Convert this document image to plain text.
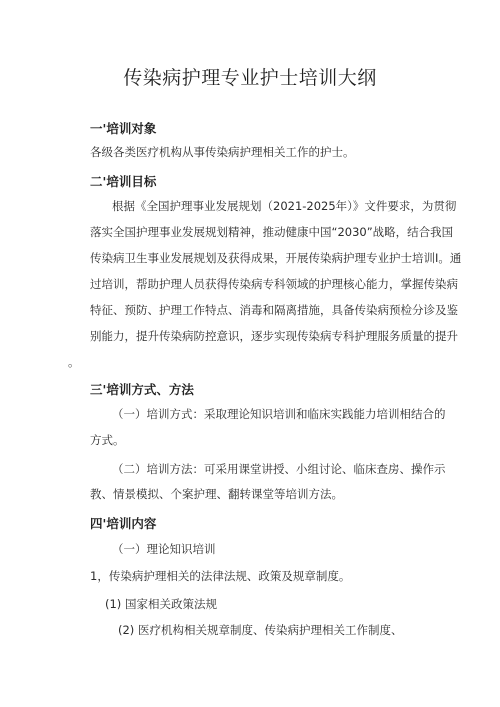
传染病护理专业护士培训大纲
一'培训对象
各级各类医疗机构从事传染病护理相关工作的护士。
二'培训目标
根据《全国护理事业发展规划（2021-2025年）》文件要求，为贯彻
落实全国护理事业发展规划精神，推动健康中国“2030”战略，结合我国
传染病卫生事业发展规划及获得成果，开展传染病护理专业护士培训I。通
过培训，帮助护理人员获得传染病专科领域的护理核心能力，掌握传染病
特征、预防、护理工作特点、消毒和隔离措施，具备传染病预检分诊及鉴
别能力，提升传染病防控意识，逐步实现传染病专科护理服务质量的提升
。
三'培训方式、方法
（一）培训方式：采取理论知识培训和临床实践能力培训相结合的
方式。
（二）培训方法：可采用课堂讲授、小组讨论、临床查房、操作示
教、情景模拟、个案护理、翻转课堂等培训方法。
四'培训内容
（一）理论知识培训
1，传染病护理相关的法律法规、政策及规章制度。
(1) 国家相关政策法规
(2) 医疗机构相关规章制度、传染病护理相关工作制度、
